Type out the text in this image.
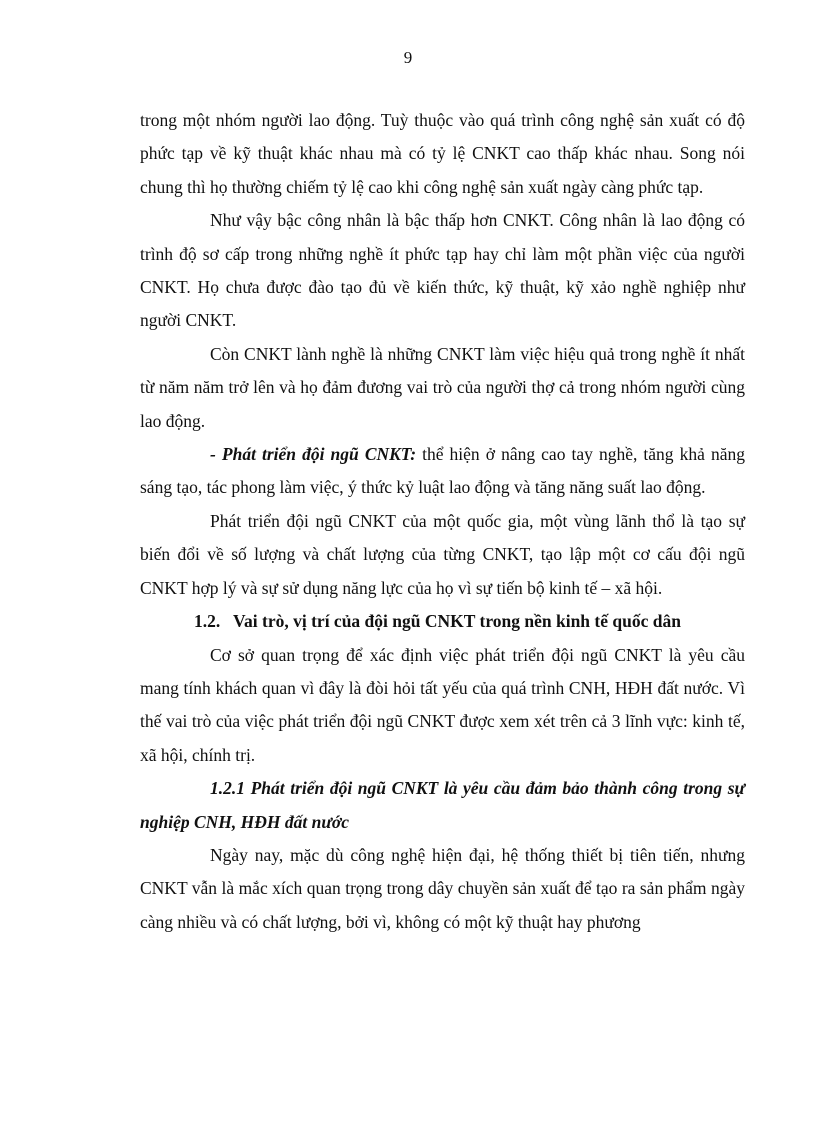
9

trong một nhóm người lao động. Tuỳ thuộc vào quá trình công nghệ sản xuất có độ phức tạp về kỹ thuật khác nhau mà có tỷ lệ CNKT cao thấp khác nhau. Song nói chung thì họ thường chiếm tỷ lệ cao khi công nghệ sản xuất ngày càng phức tạp.

Như vậy bậc công nhân là bậc thấp hơn CNKT. Công nhân là lao động có trình độ sơ cấp trong những nghề ít phức tạp hay chỉ làm một phần việc của người CNKT. Họ chưa được đào tạo đủ về kiến thức, kỹ thuật, kỹ xảo nghề nghiệp như người CNKT.

Còn CNKT lành nghề là những CNKT làm việc hiệu quả trong nghề ít nhất từ năm năm trở lên và họ đảm đương vai trò của người thợ cả trong nhóm người cùng lao động.

- Phát triển đội ngũ CNKT: thể hiện ở nâng cao tay nghề, tăng khả năng sáng tạo, tác phong làm việc, ý thức kỷ luật lao động và tăng năng suất lao động.

Phát triển đội ngũ CNKT của một quốc gia, một vùng lãnh thổ là tạo sự biến đổi về số lượng và chất lượng của từng CNKT, tạo lập một cơ cấu đội ngũ CNKT hợp lý và sự sử dụng năng lực của họ vì sự tiến bộ kinh tế – xã hội.

1.2. Vai trò, vị trí của đội ngũ CNKT trong nền kinh tế quốc dân

Cơ sở quan trọng để xác định việc phát triển đội ngũ CNKT là yêu cầu mang tính khách quan vì đây là đòi hỏi tất yếu của quá trình CNH, HĐH đất nước. Vì thế vai trò của việc phát triển đội ngũ CNKT được xem xét trên cả 3 lĩnh vực: kinh tế, xã hội, chính trị.

1.2.1 Phát triển đội ngũ CNKT là yêu cầu đảm bảo thành công trong sự nghiệp CNH, HĐH đất nước

Ngày nay, mặc dù công nghệ hiện đại, hệ thống thiết bị tiên tiến, nhưng CNKT vẫn là mắc xích quan trọng trong dây chuyền sản xuất để tạo ra sản phẩm ngày càng nhiều và có chất lượng, bởi vì, không có một kỹ thuật hay phương
